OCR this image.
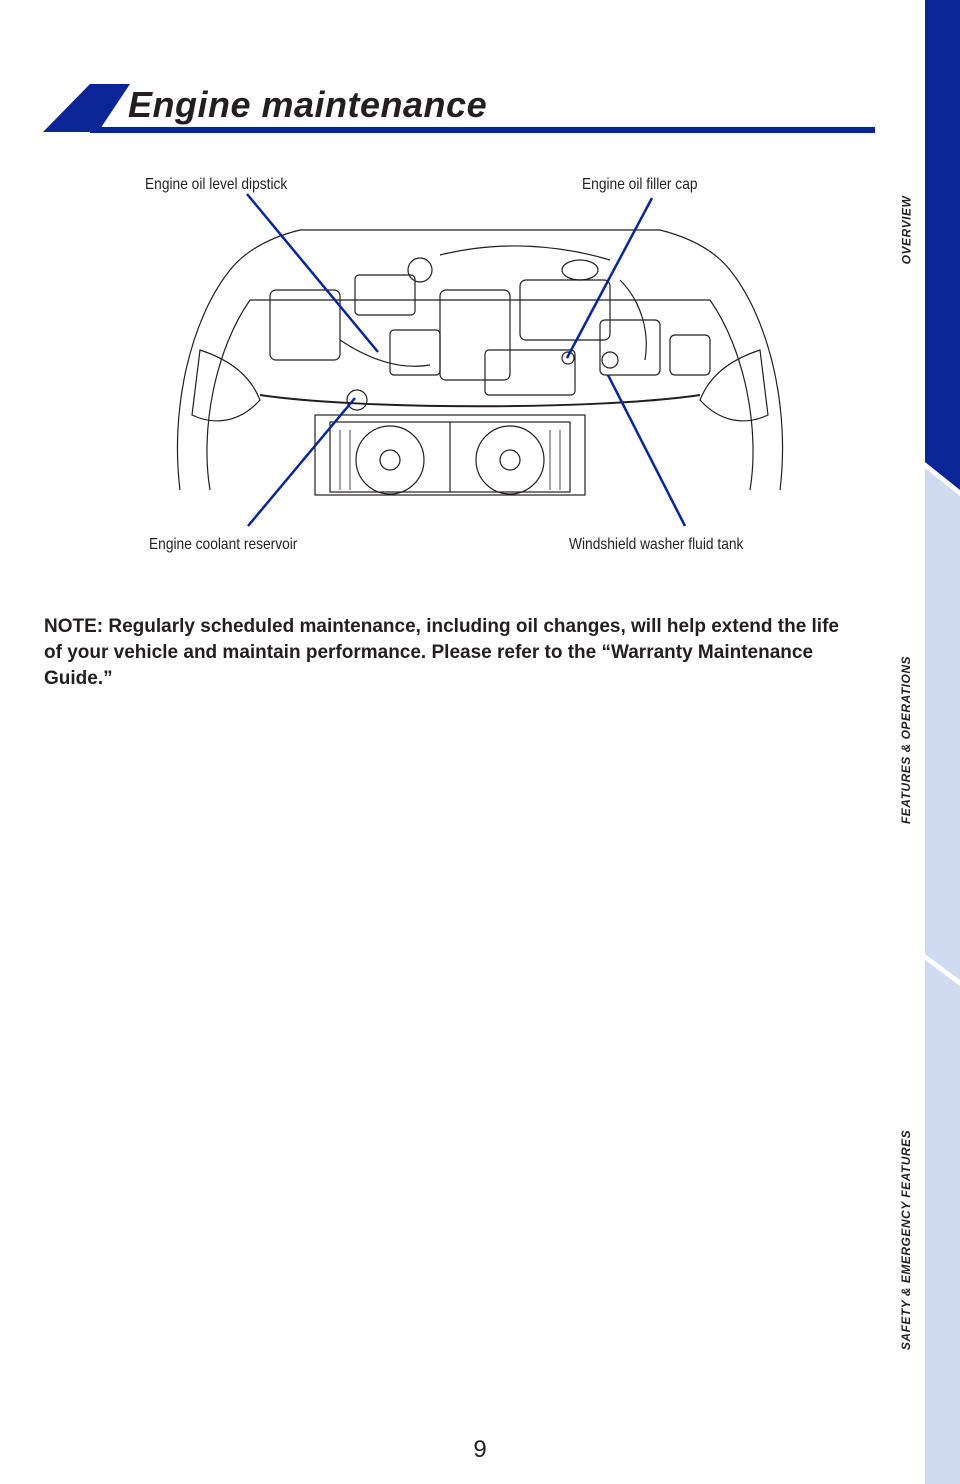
Engine maintenance
OVERVIEW
FEATURES & OPERATIONS
SAFETY & EMERGENCY FEATURES
Engine oil level dipstick	Engine oil filler cap
Engine coolant reservoir	Windshield washer fluid tank
NOTE: Regularly scheduled maintenance, including oil changes, will help extend the life of your vehicle and maintain performance. Please refer to the “Warranty Maintenance Guide.”
9
